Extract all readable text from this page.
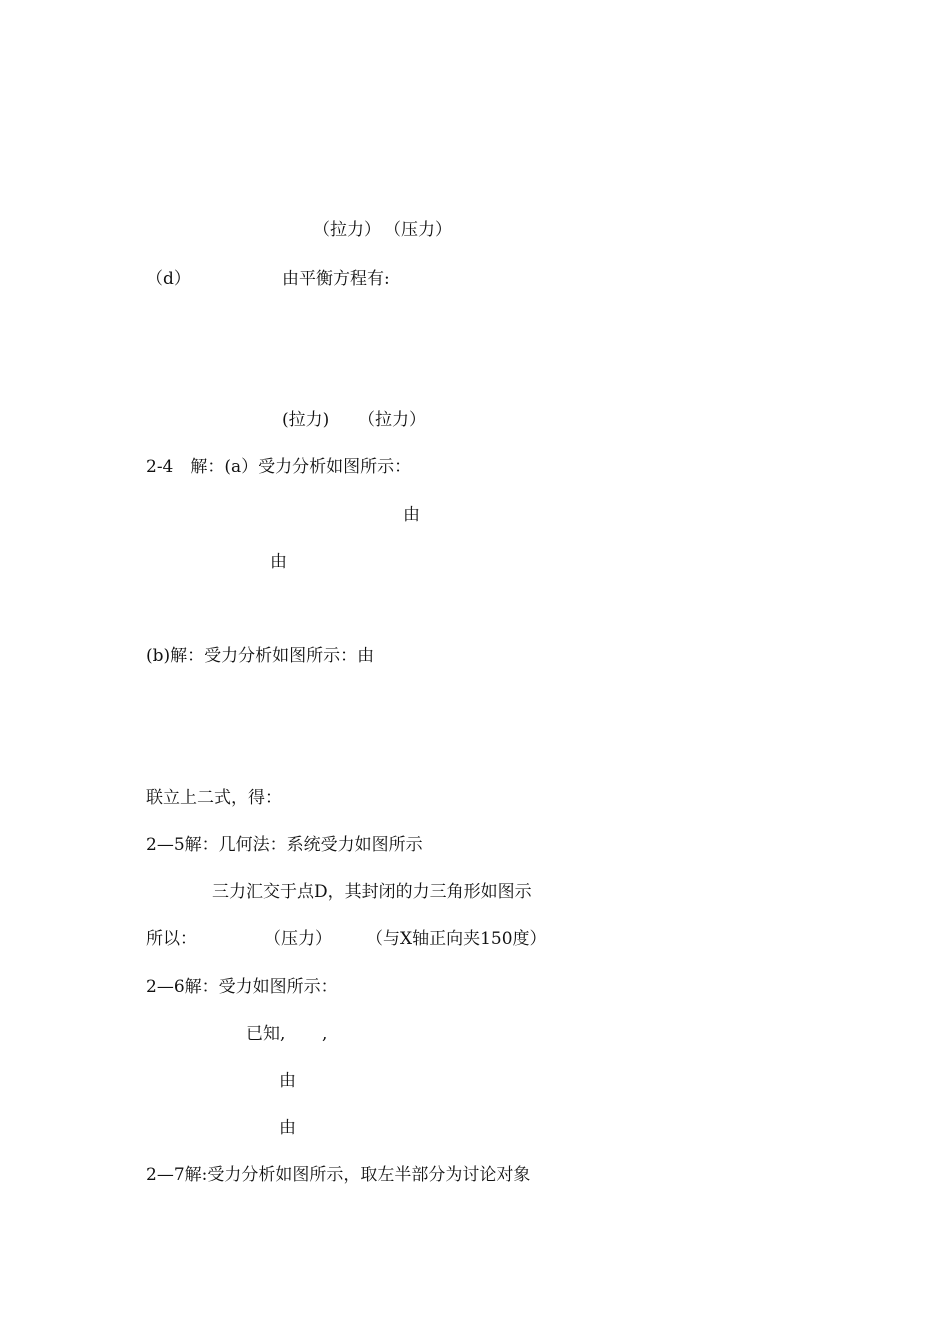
（拉力） （压力）
（d）	由平衡方程有:
(拉力) （拉力）
2-4　解：(a）受力分析如图所示：
由
由
(b)解：受力分析如图所示：由
联立上二式，得：
2—5解：几何法：系统受力如图所示
三力汇交于点D，其封闭的力三角形如图示
所以：	（压力） （与X轴正向夹150度）
2—6解：受力如图所示：
已知, ,
由
由
2—7解:受力分析如图所示，取左半部分为讨论对象
